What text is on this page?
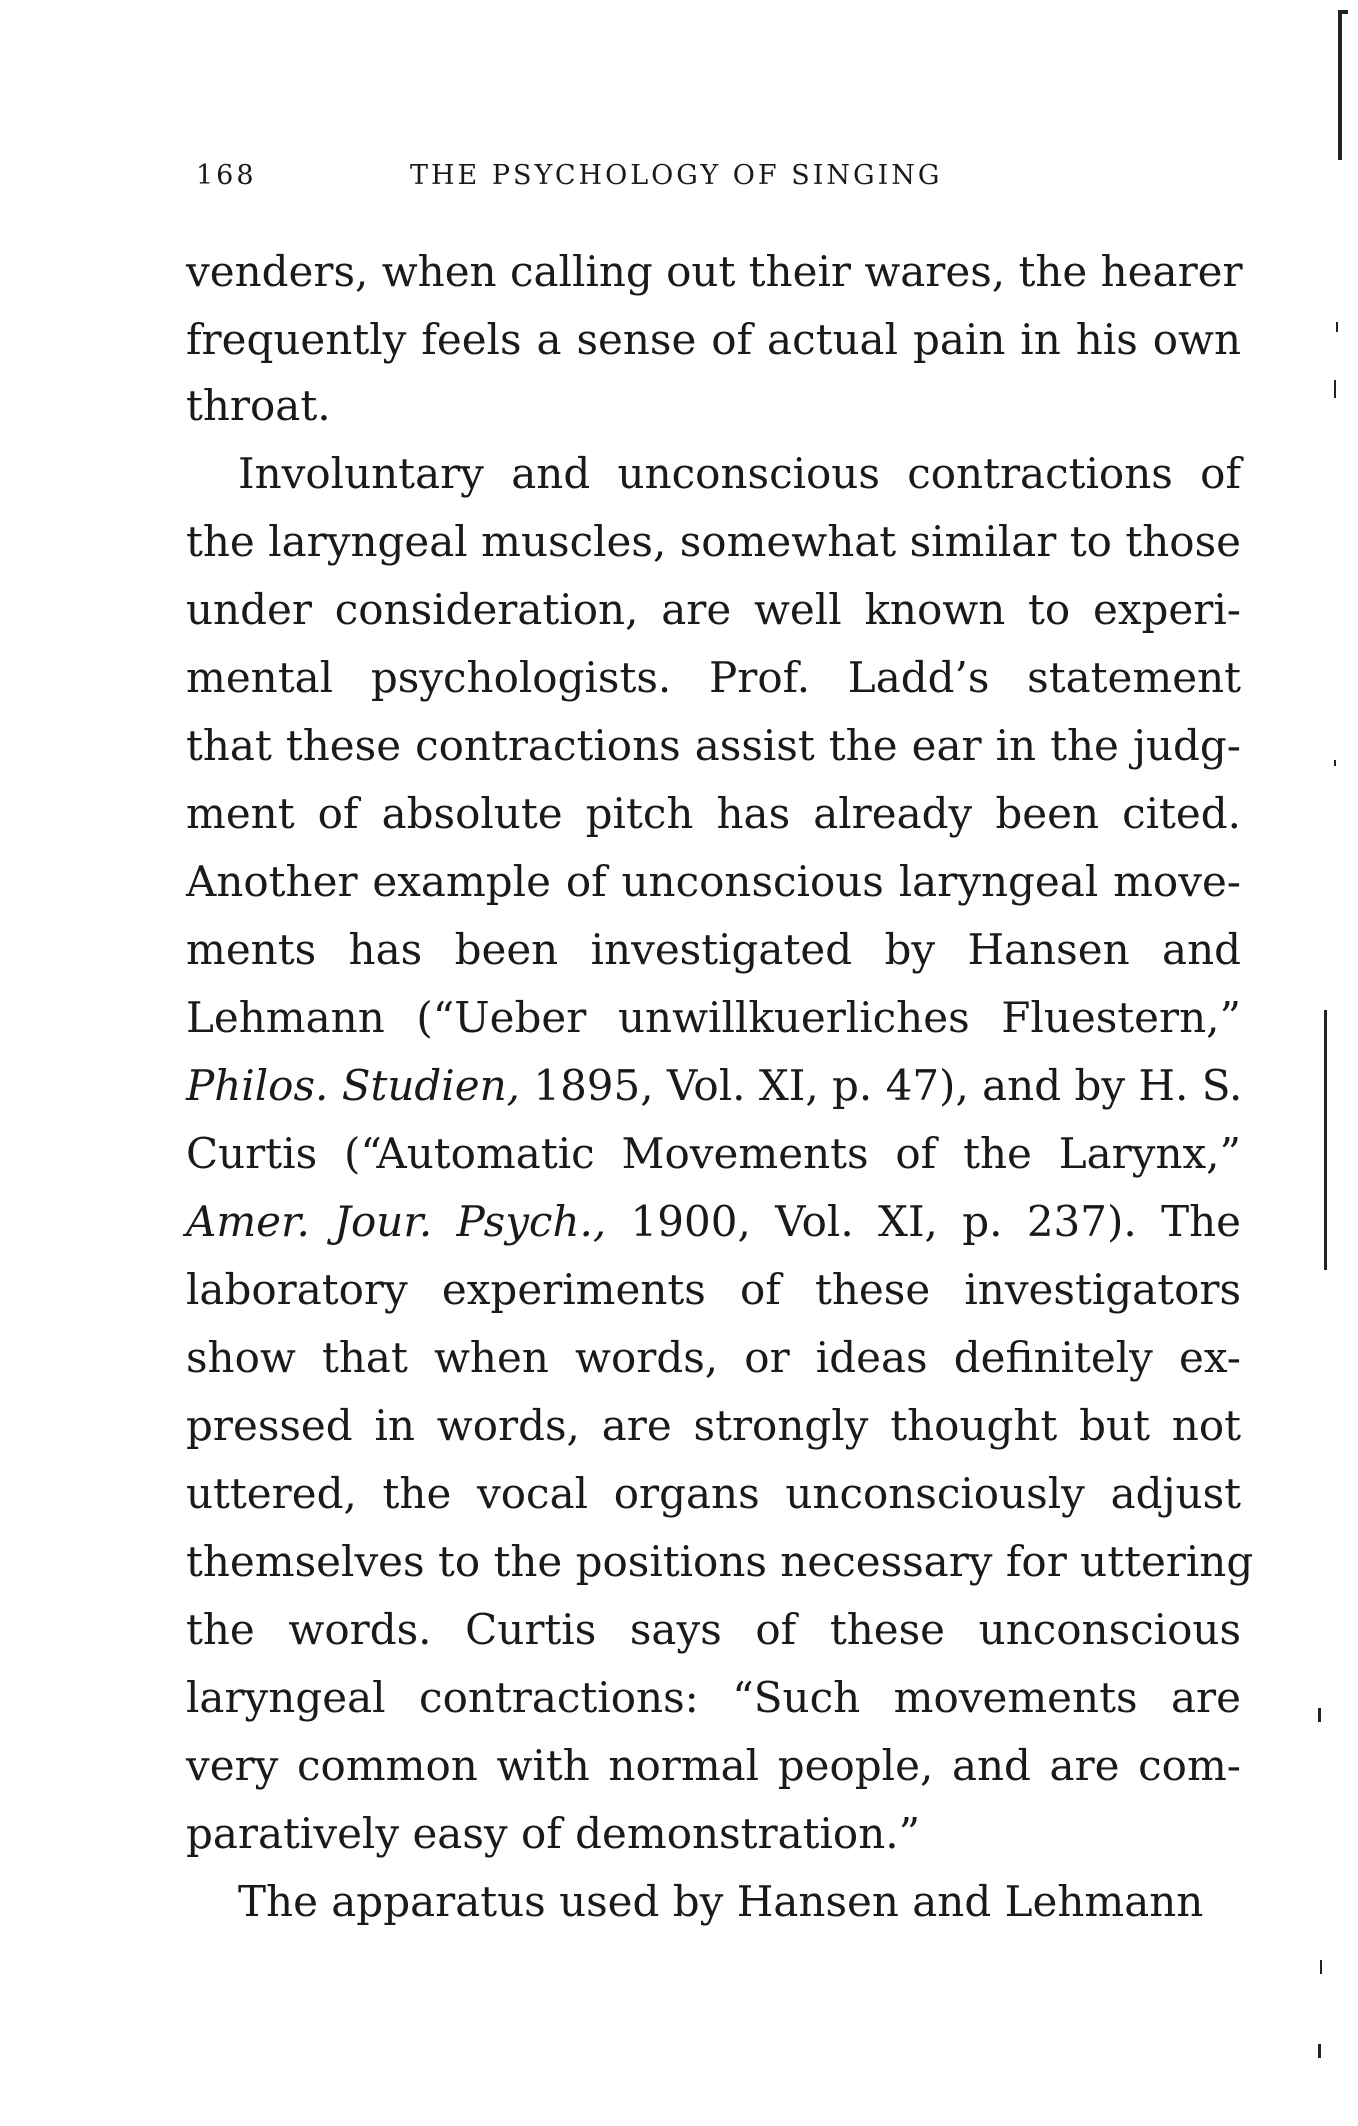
168	THE PSYCHOLOGY OF SINGING
venders, when calling out their wares, the hearer
frequently feels a sense of actual pain in his own
throat.
Involuntary and unconscious contractions of
the laryngeal muscles, somewhat similar to those
under consideration, are well known to experi-
mental psychologists. Prof. Ladd’s statement
that these contractions assist the ear in the judg-
ment of absolute pitch has already been cited.
Another example of unconscious laryngeal move-
ments has been investigated by Hansen and
Lehmann (“Ueber unwillkuerliches Fluestern,”
Philos. Studien, 1895, Vol. XI, p. 47), and by H. S.
Curtis (“Automatic Movements of the Larynx,”
Amer. Jour. Psych., 1900, Vol. XI, p. 237). The
laboratory experiments of these investigators
show that when words, or ideas definitely ex-
pressed in words, are strongly thought but not
uttered, the vocal organs unconsciously adjust
themselves to the positions necessary for uttering
the words. Curtis says of these unconscious
laryngeal contractions: “Such movements are
very common with normal people, and are com-
paratively easy of demonstration.”
The apparatus used by Hansen and Lehmann
